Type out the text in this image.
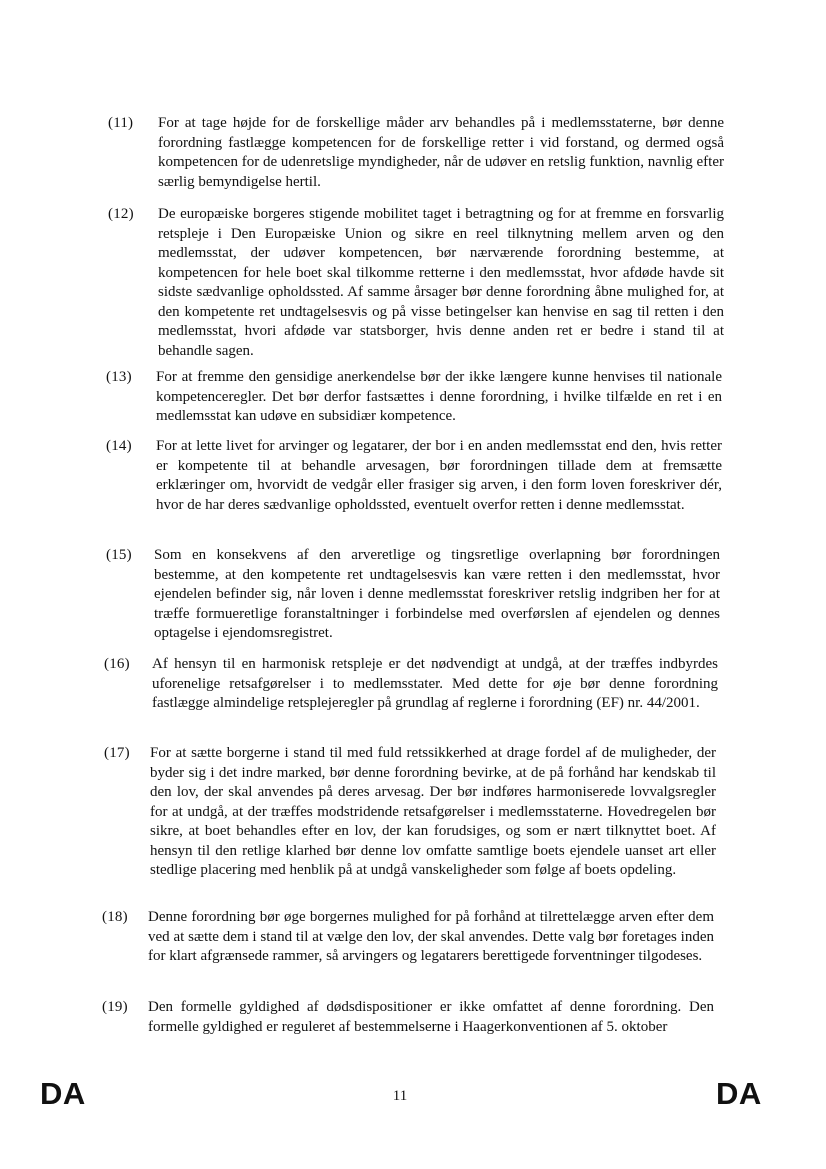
(11)	For at tage højde for de forskellige måder arv behandles på i medlemsstaterne, bør denne forordning fastlægge kompetencen for de forskellige retter i vid forstand, og dermed også kompetencen for de udenretslige myndigheder, når de udøver en retslig funktion, navnlig efter særlig bemyndigelse hertil.
(12)	De europæiske borgeres stigende mobilitet taget i betragtning og for at fremme en forsvarlig retspleje i Den Europæiske Union og sikre en reel tilknytning mellem arven og den medlemsstat, der udøver kompetencen, bør nærværende forordning bestemme, at kompetencen for hele boet skal tilkomme retterne i den medlemsstat, hvor afdøde havde sit sidste sædvanlige opholdssted. Af samme årsager bør denne forordning åbne mulighed for, at den kompetente ret undtagelsesvis og på visse betingelser kan henvise en sag til retten i den medlemsstat, hvori afdøde var statsborger, hvis denne anden ret er bedre i stand til at behandle sagen.
(13)	For at fremme den gensidige anerkendelse bør der ikke længere kunne henvises til nationale kompetenceregler. Det bør derfor fastsættes i denne forordning, i hvilke tilfælde en ret i en medlemsstat kan udøve en subsidiær kompetence.
(14)	For at lette livet for arvinger og legatarer, der bor i en anden medlemsstat end den, hvis retter er kompetente til at behandle arvesagen, bør forordningen tillade dem at fremsætte erklæringer om, hvorvidt de vedgår eller frasiger sig arven, i den form loven foreskriver dér, hvor de har deres sædvanlige opholdssted, eventuelt overfor retten i denne medlemsstat.
(15)	Som en konsekvens af den arveretlige og tingsretlige overlapning bør forordningen bestemme, at den kompetente ret undtagelsesvis kan være retten i den medlemsstat, hvor ejendelen befinder sig, når loven i denne medlemsstat foreskriver retslig indgriben her for at træffe formueretlige foranstaltninger i forbindelse med overførslen af ejendelen og dennes optagelse i ejendomsregistret.
(16)	Af hensyn til en harmonisk retspleje er det nødvendigt at undgå, at der træffes indbyrdes uforenelige retsafgørelser i to medlemsstater. Med dette for øje bør denne forordning fastlægge almindelige retsplejeregler på grundlag af reglerne i forordning (EF) nr. 44/2001.
(17)	For at sætte borgerne i stand til med fuld retssikkerhed at drage fordel af de muligheder, der byder sig i det indre marked, bør denne forordning bevirke, at de på forhånd har kendskab til den lov, der skal anvendes på deres arvesag. Der bør indføres harmoniserede lovvalgsregler for at undgå, at der træffes modstridende retsafgørelser i medlemsstaterne. Hovedregelen bør sikre, at boet behandles efter en lov, der kan forudsiges, og som er nært tilknyttet boet. Af hensyn til den retlige klarhed bør denne lov omfatte samtlige boets ejendele uanset art eller stedlige placering med henblik på at undgå vanskeligheder som følge af boets opdeling.
(18)	Denne forordning bør øge borgernes mulighed for på forhånd at tilrettelægge arven efter dem ved at sætte dem i stand til at vælge den lov, der skal anvendes. Dette valg bør foretages inden for klart afgrænsede rammer, så arvingers og legatarers berettigede forventninger tilgodeses.
(19)	Den formelle gyldighed af dødsdispositioner er ikke omfattet af denne forordning. Den formelle gyldighed er reguleret af bestemmelserne i Haagerkonventionen af 5. oktober
DA	11	DA
